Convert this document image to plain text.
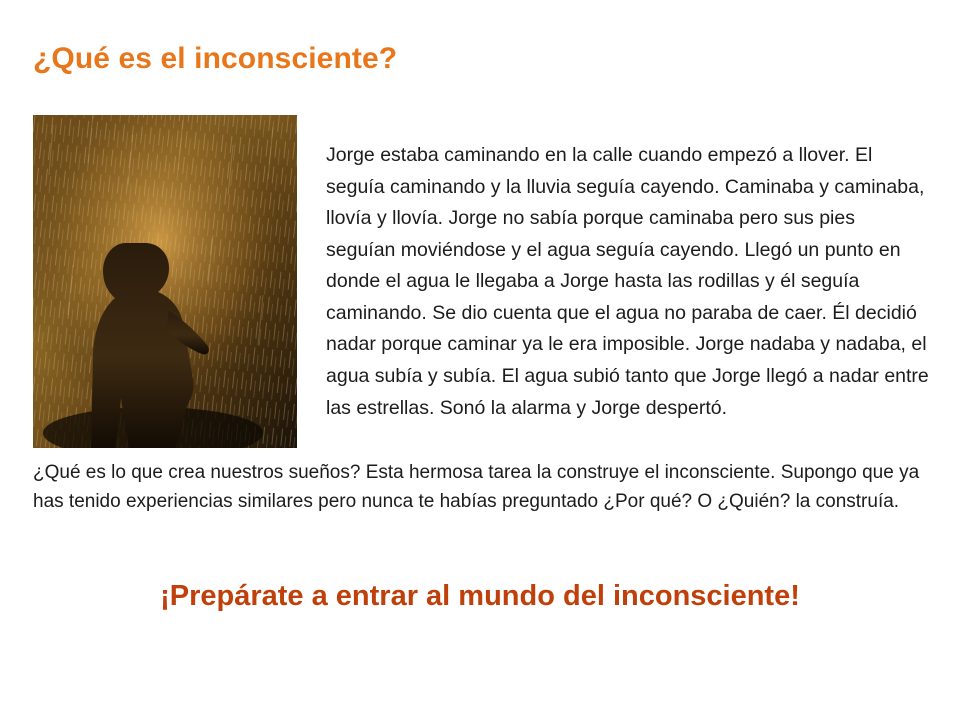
¿Qué es el inconsciente?
Jorge estaba caminando en la calle cuando empezó a llover. El seguía caminando y la lluvia seguía cayendo. Caminaba y caminaba, llovía y llovía. Jorge no sabía porque caminaba pero sus pies seguían moviéndose y el agua seguía cayendo. Llegó un punto en donde el agua le llegaba a Jorge hasta las rodillas y él seguía caminando. Se dio cuenta que el agua no paraba de caer. Él decidió nadar porque caminar ya le era imposible. Jorge nadaba y nadaba, el agua subía y subía. El agua subió tanto que Jorge llegó a nadar entre las estrellas. Sonó la alarma y Jorge despertó.
¿Qué es lo que crea nuestros sueños? Esta hermosa tarea la construye el inconsciente. Supongo que ya has tenido experiencias similares pero nunca te habías preguntado ¿Por qué? O ¿Quién? la construía.
¡Prepárate a entrar al mundo del inconsciente!
